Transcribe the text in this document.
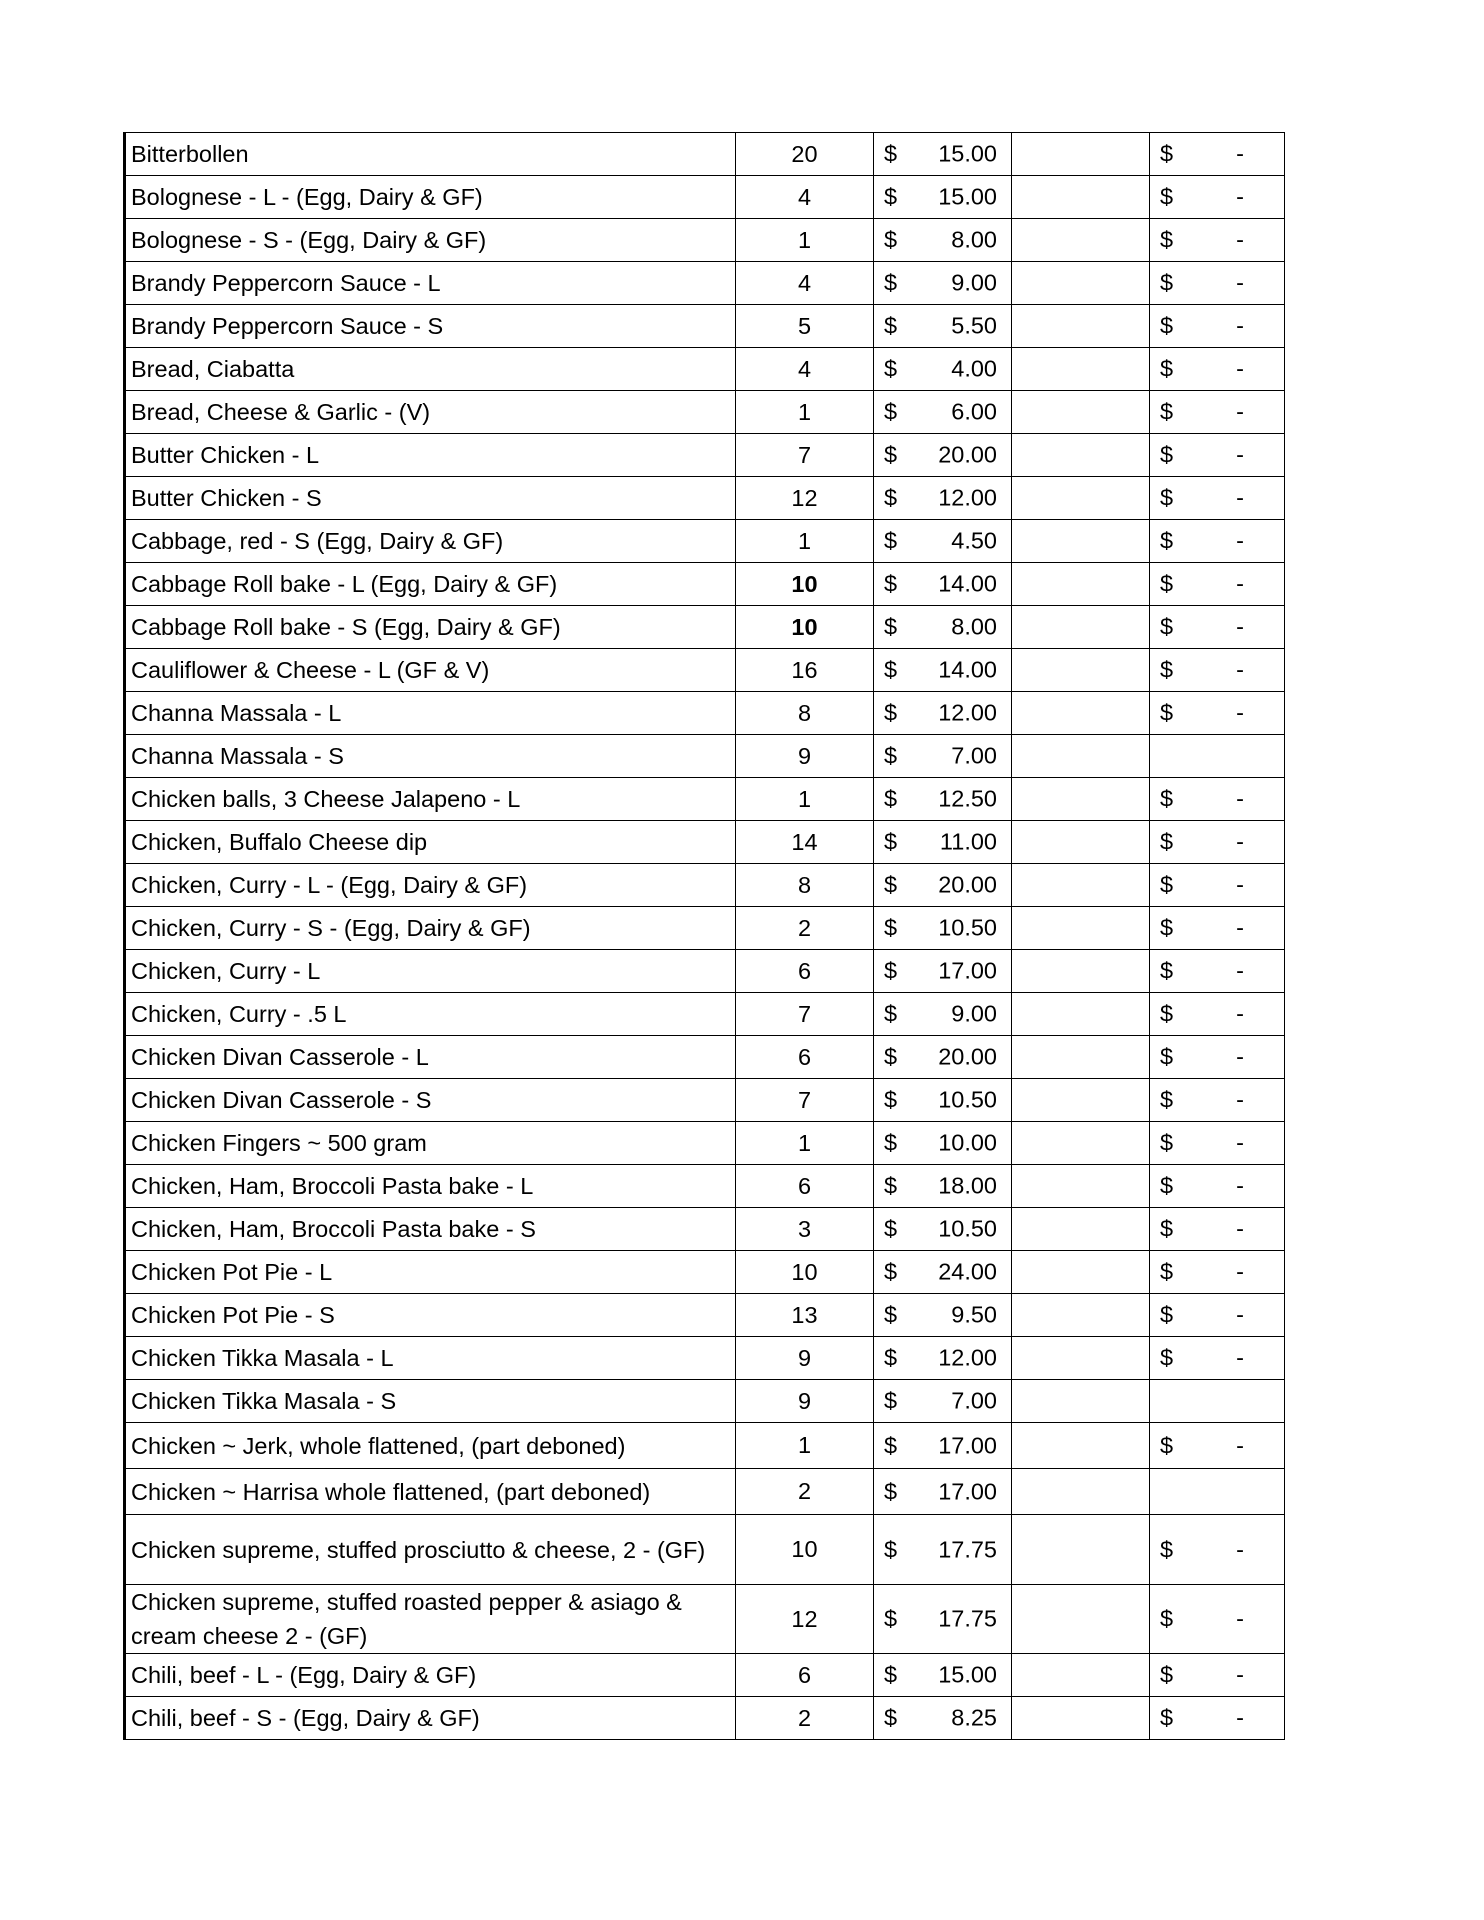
Bitterbollen	20	$ 15.00		$ -

Bolognese - L - (Egg, Dairy & GF)	4	$ 15.00		$ -

Bolognese - S - (Egg, Dairy & GF)	1	$ 8.00		$ -

Brandy Peppercorn Sauce - L	4	$ 9.00		$ -

Brandy Peppercorn Sauce - S	5	$ 5.50		$ -

Bread, Ciabatta	4	$ 4.00		$ -

Bread, Cheese & Garlic - (V)	1	$ 6.00		$ -

Butter Chicken - L	7	$ 20.00		$ -

Butter Chicken - S	12	$ 12.00		$ -

Cabbage, red - S (Egg, Dairy & GF)	1	$ 4.50		$ -

Cabbage Roll bake - L (Egg, Dairy & GF)	10	$ 14.00		$ -

Cabbage Roll bake - S (Egg, Dairy & GF)	10	$ 8.00		$ -

Cauliflower & Cheese - L (GF & V)	16	$ 14.00		$ -

Channa Massala - L	8	$ 12.00		$ -

Channa Massala - S	9	$ 7.00		

Chicken balls, 3 Cheese Jalapeno - L	1	$ 12.50		$ -

Chicken, Buffalo Cheese dip	14	$ 11.00		$ -

Chicken, Curry - L - (Egg, Dairy & GF)	8	$ 20.00		$ -

Chicken, Curry - S - (Egg, Dairy & GF)	2	$ 10.50		$ -

Chicken, Curry - L	6	$ 17.00		$ -

Chicken, Curry - .5 L	7	$ 9.00		$ -

Chicken Divan Casserole - L	6	$ 20.00		$ -

Chicken Divan Casserole - S	7	$ 10.50		$ -

Chicken Fingers ~ 500 gram	1	$ 10.00		$ -

Chicken, Ham, Broccoli Pasta bake - L	6	$ 18.00		$ -

Chicken, Ham, Broccoli Pasta bake - S	3	$ 10.50		$ -

Chicken Pot Pie - L	10	$ 24.00		$ -

Chicken Pot Pie - S	13	$ 9.50		$ -

Chicken Tikka Masala - L	9	$ 12.00		$ -

Chicken Tikka Masala - S	9	$ 7.00		

Chicken ~ Jerk, whole flattened, (part deboned)	1	$ 17.00		$ -

Chicken ~ Harrisa whole flattened, (part deboned)	2	$ 17.00		

Chicken supreme, stuffed prosciutto & cheese, 2 - (GF)	10	$ 17.75		$ -

Chicken supreme, stuffed roasted pepper & asiago & cream cheese 2 - (GF)	12	$ 17.75		$ -

Chili, beef - L - (Egg, Dairy & GF)	6	$ 15.00		$ -

Chili, beef - S - (Egg, Dairy & GF)	2	$ 8.25		$ -
